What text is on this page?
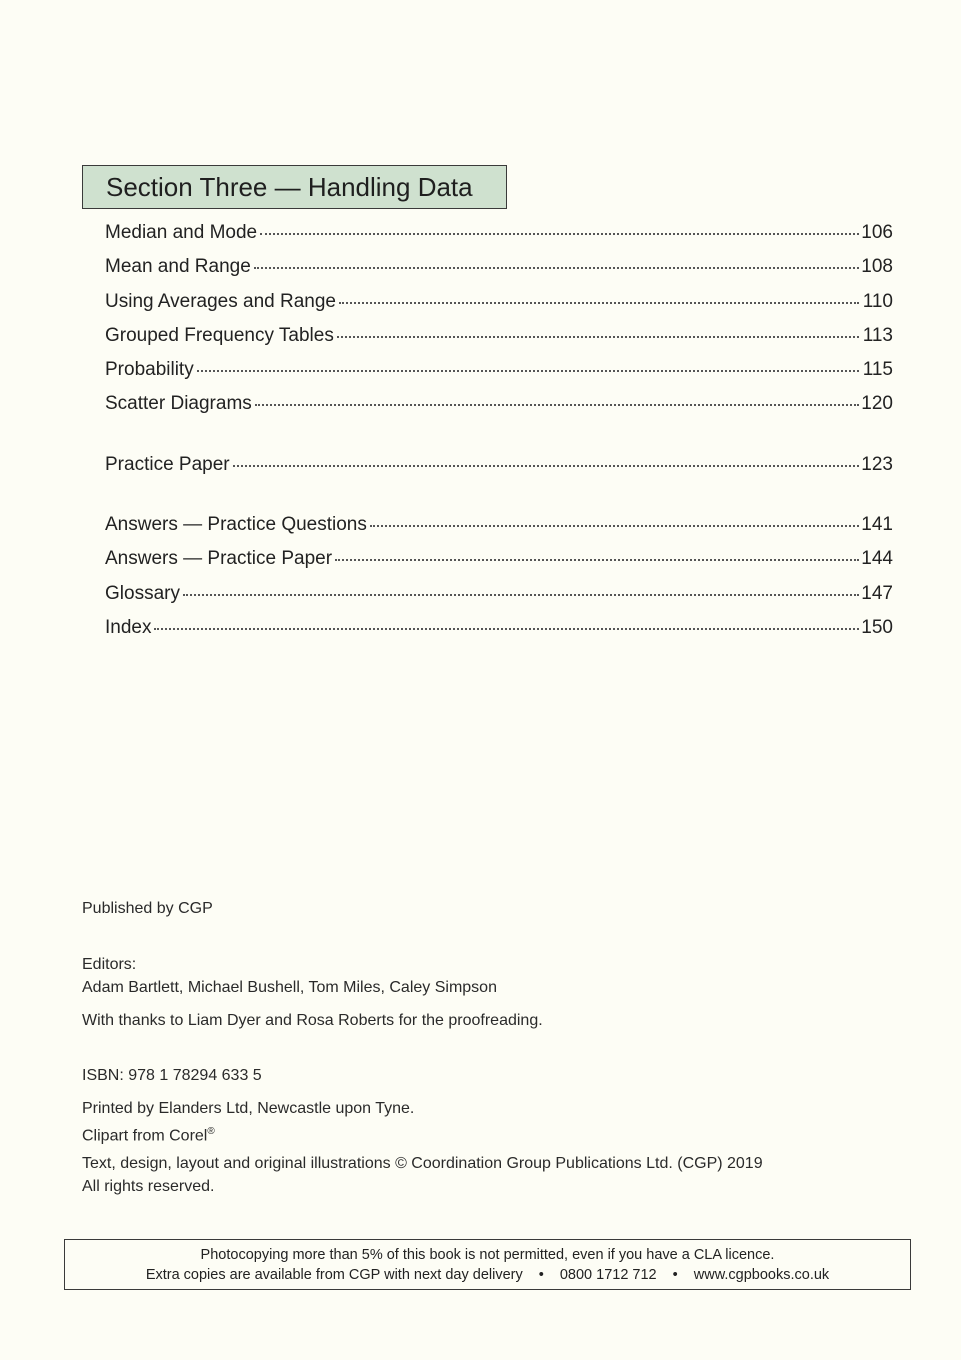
Section Three — Handling Data
Median and Mode	106
Mean and Range	108
Using Averages and Range	110
Grouped Frequency Tables	113
Probability	115
Scatter Diagrams	120
Practice Paper	123
Answers — Practice Questions	141
Answers — Practice Paper	144
Glossary	147
Index	150

Published by CGP

Editors:

Adam Bartlett, Michael Bushell, Tom Miles, Caley Simpson

With thanks to Liam Dyer and Rosa Roberts for the proofreading.

ISBN: 978 1 78294 633 5

Printed by Elanders Ltd, Newcastle upon Tyne.

Clipart from Corel®

Text, design, layout and original illustrations © Coordination Group Publications Ltd. (CGP) 2019

All rights reserved.

Photocopying more than 5% of this book is not permitted, even if you have a CLA licence.
Extra copies are available from CGP with next day delivery • 0800 1712 712 • www.cgpbooks.co.uk
